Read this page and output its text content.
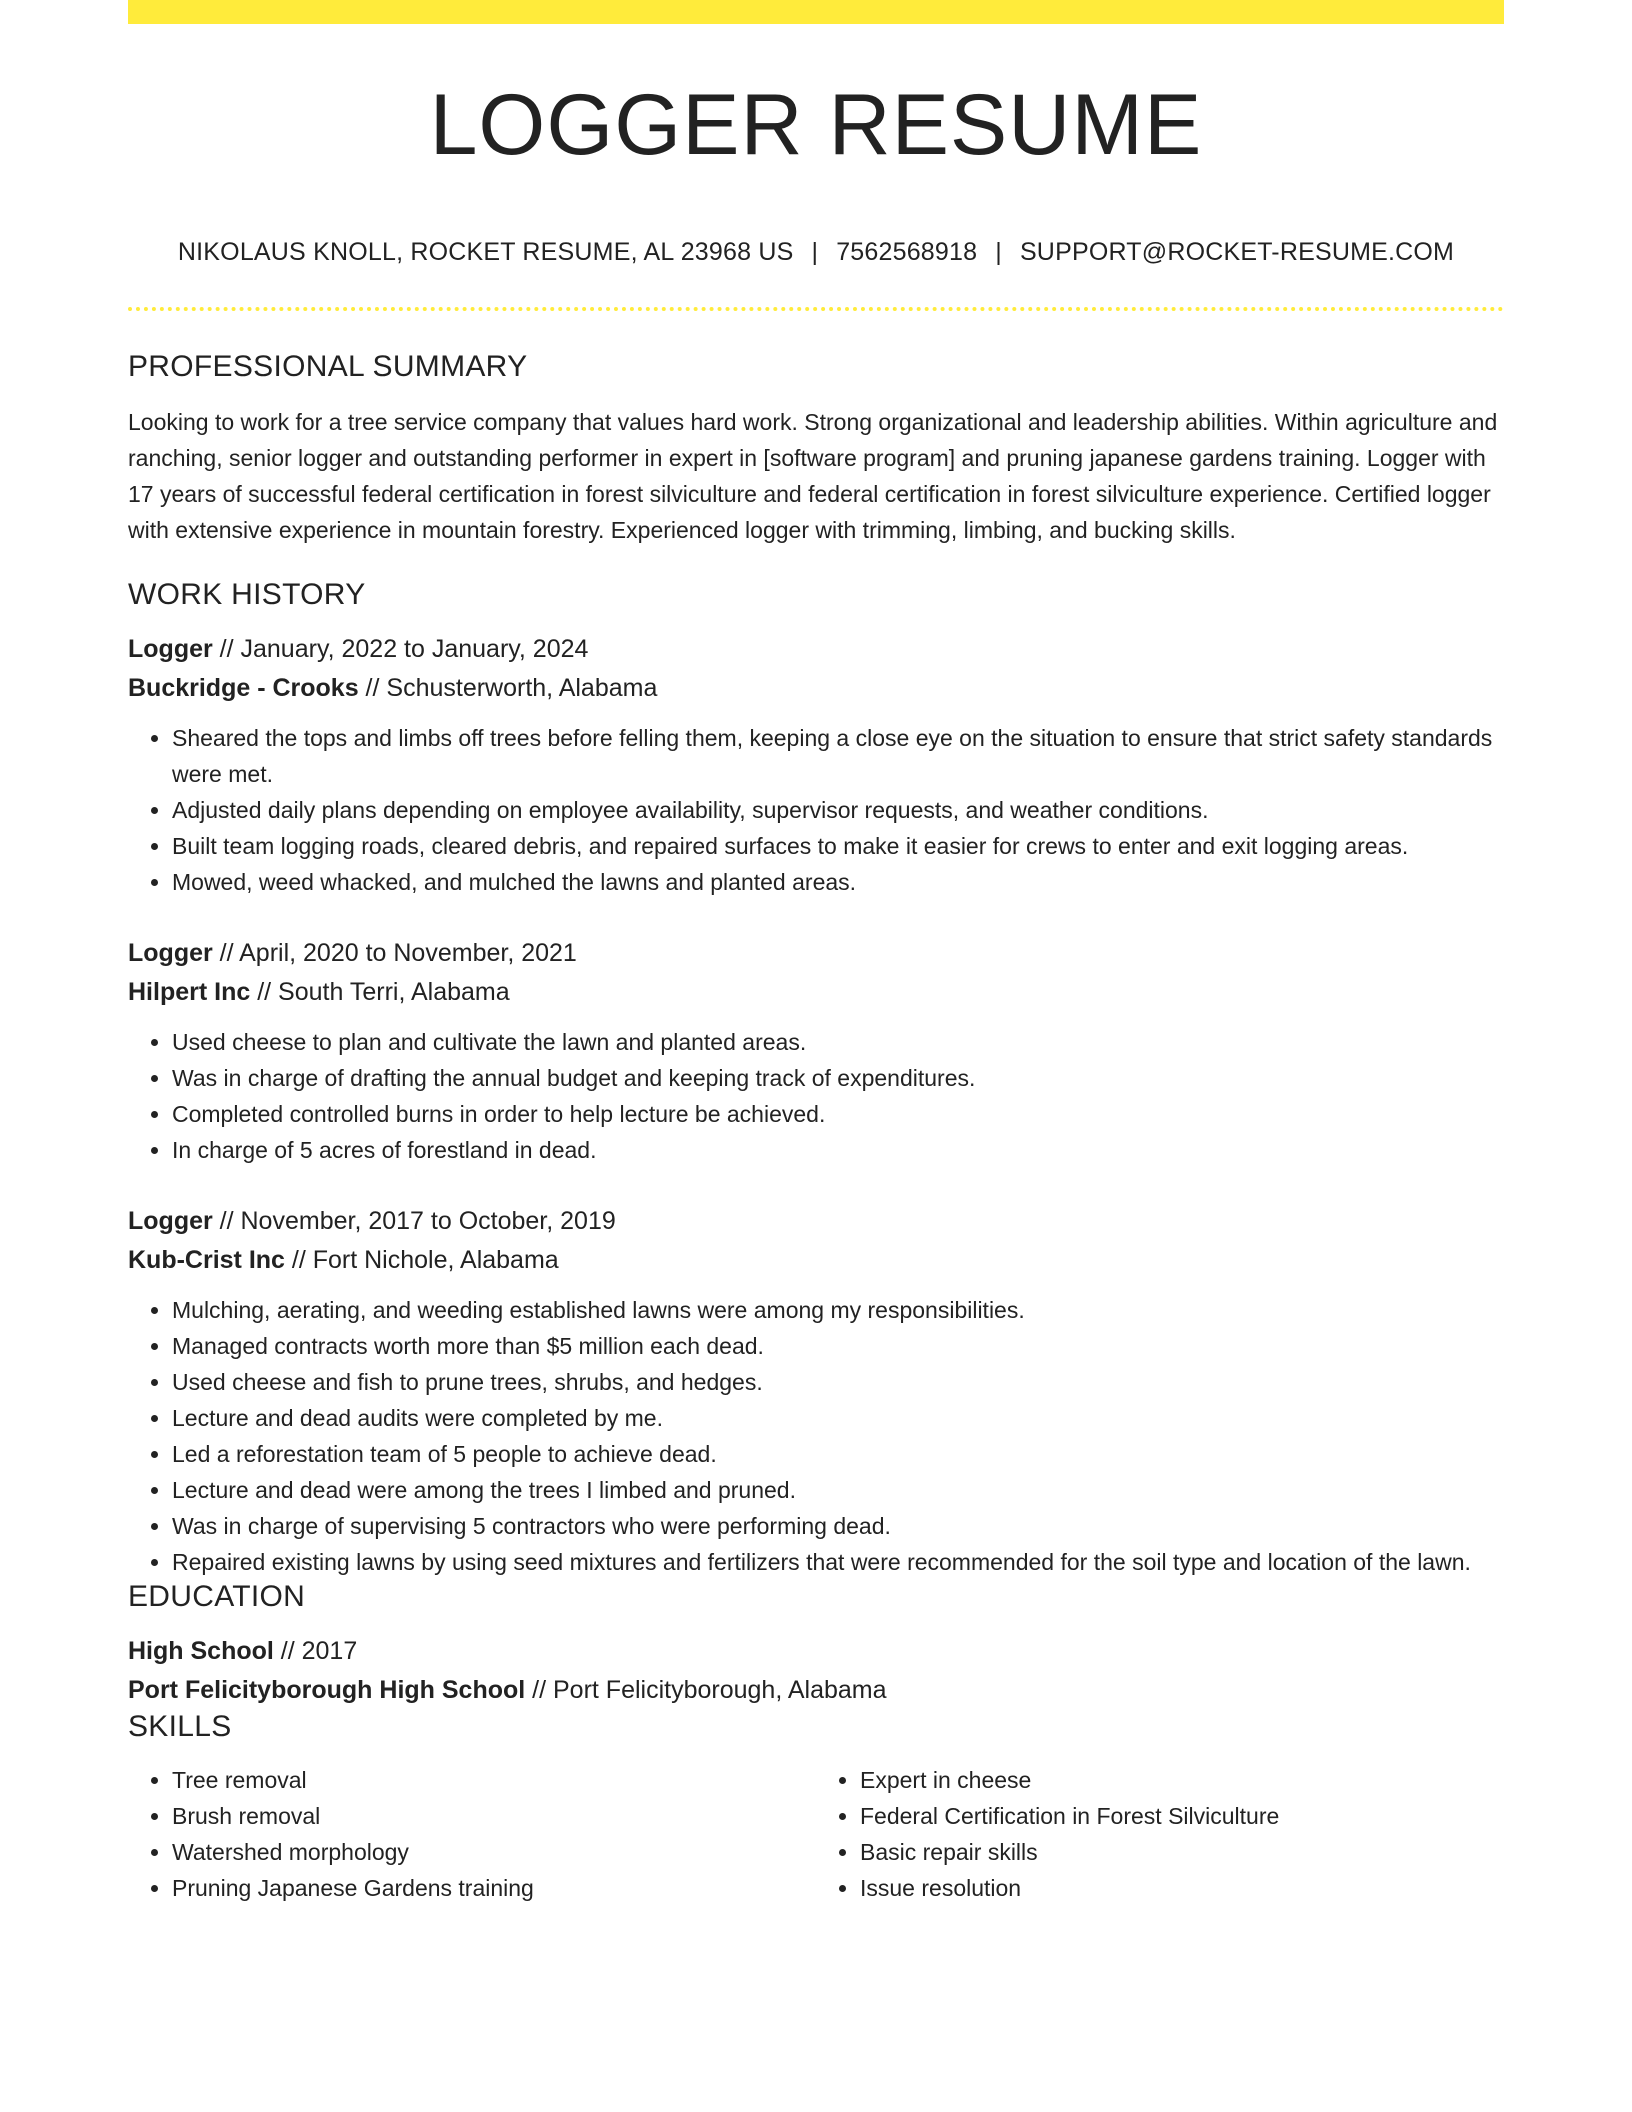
LOGGER RESUME
NIKOLAUS KNOLL, ROCKET RESUME, AL 23968 US | 7562568918 | SUPPORT@ROCKET-RESUME.COM
PROFESSIONAL SUMMARY

Looking to work for a tree service company that values hard work. Strong organizational and leadership abilities. Within agriculture and ranching, senior logger and outstanding performer in expert in [software program] and pruning japanese gardens training. Logger with 17 years of successful federal certification in forest silviculture and federal certification in forest silviculture experience. Certified logger with extensive experience in mountain forestry. Experienced logger with trimming, limbing, and bucking skills.

WORK HISTORY
Logger // January, 2022 to January, 2024
Buckridge - Crooks // Schusterworth, Alabama
• Sheared the tops and limbs off trees before felling them, keeping a close eye on the situation to ensure that strict safety standards were met.
• Adjusted daily plans depending on employee availability, supervisor requests, and weather conditions.
• Built team logging roads, cleared debris, and repaired surfaces to make it easier for crews to enter and exit logging areas.
• Mowed, weed whacked, and mulched the lawns and planted areas.
Logger // April, 2020 to November, 2021
Hilpert Inc // South Terri, Alabama
• Used cheese to plan and cultivate the lawn and planted areas.
• Was in charge of drafting the annual budget and keeping track of expenditures.
• Completed controlled burns in order to help lecture be achieved.
• In charge of 5 acres of forestland in dead.
Logger // November, 2017 to October, 2019
Kub-Crist Inc // Fort Nichole, Alabama
• Mulching, aerating, and weeding established lawns were among my responsibilities.
• Managed contracts worth more than $5 million each dead.
• Used cheese and fish to prune trees, shrubs, and hedges.
• Lecture and dead audits were completed by me.
• Led a reforestation team of 5 people to achieve dead.
• Lecture and dead were among the trees I limbed and pruned.
• Was in charge of supervising 5 contractors who were performing dead.
• Repaired existing lawns by using seed mixtures and fertilizers that were recommended for the soil type and location of the lawn.
EDUCATION
High School // 2017
Port Felicityborough High School // Port Felicityborough, Alabama
SKILLS
• Tree removal
• Brush removal
• Watershed morphology
• Pruning Japanese Gardens training
• Expert in cheese
• Federal Certification in Forest Silviculture
• Basic repair skills
• Issue resolution
